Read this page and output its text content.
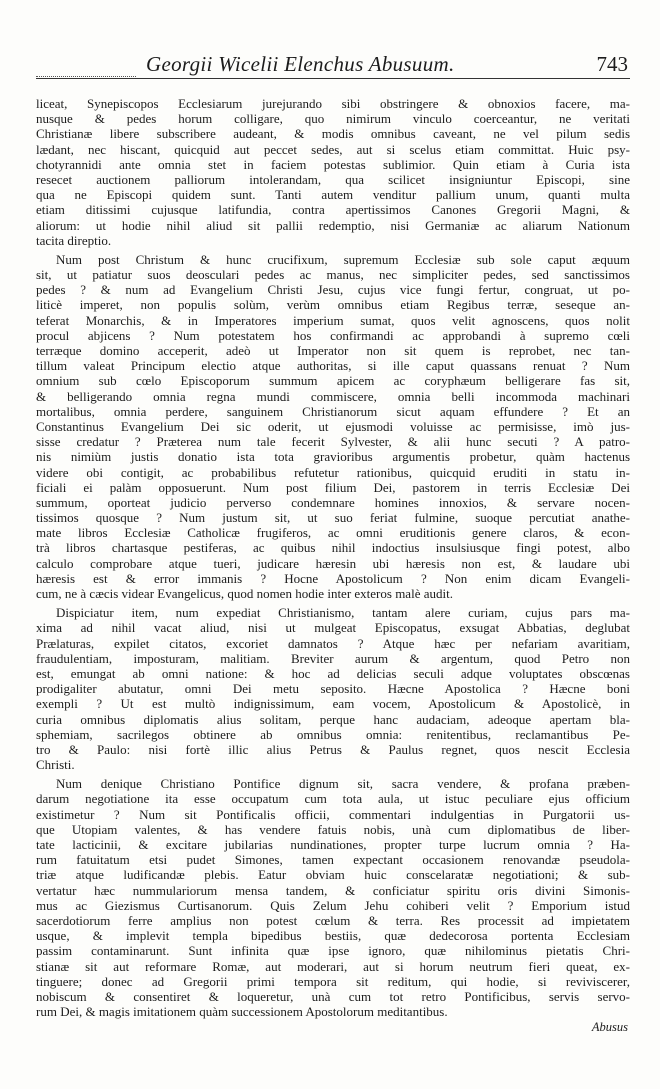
Georgii Wicelii Elenchus Abusuum.	743
liceat, Synepiscopos Ecclesiarum jurejurando sibi obstringere & obnoxios facere, ma-
nusque & pedes horum colligare, quo nimirum vinculo coerceantur, ne veritati
Christianæ libere subscribere audeant, & modis omnibus caveant, ne vel pilum sedis
lædant, nec hiscant, quicquid aut peccet sedes, aut si scelus etiam committat. Huic psy-
chotyrannidi ante omnia stet in faciem potestas sublimior. Quin etiam à Curia ista
resecet auctionem palliorum intolerandam, qua scilicet insigniuntur Episcopi, sine
qua ne Episcopi quidem sunt. Tanti autem venditur pallium unum, quanti multa
etiam ditissimi cujusque latifundia, contra apertissimos Canones Gregorii Magni, &
aliorum: ut hodie nihil aliud sit pallii redemptio, nisi Germaniæ ac aliarum Nationum
tacita direptio.
Num post Christum & hunc crucifixum, supremum Ecclesiæ sub sole caput æquum
sit, ut patiatur suos deosculari pedes ac manus, nec simpliciter pedes, sed sanctissimos
pedes ? & num ad Evangelium Christi Jesu, cujus vice fungi fertur, congruat, ut po-
liticè imperet, non populis solùm, verùm omnibus etiam Regibus terræ, seseque an-
teferat Monarchis, & in Imperatores imperium sumat, quos velit agnoscens, quos nolit
procul abjicens ? Num potestatem hos confirmandi ac approbandi à supremo cœli
terræque domino acceperit, adeò ut Imperator non sit quem is reprobet, nec tan-
tillum valeat Principum electio atque authoritas, si ille caput quassans renuat ? Num
omnium sub cœlo Episcoporum summum apicem ac coryphæum belligerare fas sit,
& belligerando omnia regna mundi commiscere, omnia belli incommoda machinari
mortalibus, omnia perdere, sanguinem Christianorum sicut aquam effundere ? Et an
Constantinus Evangelium Dei sic oderit, ut ejusmodi voluisse ac permisisse, imò jus-
sisse credatur ? Præterea num tale fecerit Sylvester, & alii hunc secuti ? A patro-
nis nimiùm justis donatio ista tota gravioribus argumentis probetur, quàm hactenus
videre obi contigit, ac probabilibus refutetur rationibus, quicquid eruditi in statu in-
ficiali ei palàm opposuerunt. Num post filium Dei, pastorem in terris Ecclesiæ Dei
summum, oporteat judicio perverso condemnare homines innoxios, & servare nocen-
tissimos quosque ? Num justum sit, ut suo feriat fulmine, suoque percutiat anathe-
mate libros Ecclesiæ Catholicæ frugiferos, ac omni eruditionis genere claros, & econ-
trà libros chartasque pestiferas, ac quibus nihil indoctius insulsiusque fingi potest, albo
calculo comprobare atque tueri, judicare hæresin ubi hæresis non est, & laudare ubi
hæresis est & error immanis ? Hocne Apostolicum ? Non enim dicam Evangeli-
cum, ne à cæcis videar Evangelicus, quod nomen hodie inter exteros malè audit.
Dispiciatur item, num expediat Christianismo, tantam alere curiam, cujus pars ma-
xima ad nihil vacat aliud, nisi ut mulgeat Episcopatus, exsugat Abbatias, deglubat
Prælaturas, expilet citatos, excoriet damnatos ? Atque hæc per nefariam avaritiam,
fraudulentiam, imposturam, malitiam. Breviter aurum & argentum, quod Petro non
est, emungat ab omni natione: & hoc ad delicias seculi adque voluptates obscœnas
prodigaliter abutatur, omni Dei metu seposito. Hæcne Apostolica ? Hæcne boni
exempli ? Ut est multò indignissimum, eam vocem, Apostolicum & Apostolicè, in
curia omnibus diplomatis alius solitam, perque hanc audaciam, adeoque apertam bla-
sphemiam, sacrilegos obtinere ab omnibus omnia: renitentibus, reclamantibus Pe-
tro & Paulo: nisi fortè illic alius Petrus & Paulus regnet, quos nescit Ecclesia
Christi.
Num denique Christiano Pontifice dignum sit, sacra vendere, & profana præben-
darum negotiatione ita esse occupatum cum tota aula, ut istuc peculiare ejus officium
existimetur ? Num sit Pontificalis officii, commentari indulgentias in Purgatorii us-
que Utopiam valentes, & has vendere fatuis nobis, unà cum diplomatibus de liber-
tate lacticinii, & excitare jubilarias nundinationes, propter turpe lucrum omnia ? Ha-
rum fatuitatum etsi pudet Simones, tamen expectant occasionem renovandæ pseudola-
triæ atque ludificandæ plebis. Eatur obviam huic conscelaratæ negotiationi; & sub-
vertatur hæc nummulariorum mensa tandem, & conficiatur spiritu oris divini Simonis-
mus ac Giezismus Curtisanorum. Quis Zelum Jehu cohiberi velit ? Emporium istud
sacerdotiorum ferre amplius non potest cœlum & terra. Res processit ad impietatem
usque, & implevit templa bipedibus bestiis, quæ dedecorosa portenta Ecclesiam
passim contaminarunt. Sunt infinita quæ ipse ignoro, quæ nihilominus pietatis Chri-
stianæ sit aut reformare Romæ, aut moderari, aut si horum neutrum fieri queat, ex-
tinguere; donec ad Gregorii primi tempora sit reditum, qui hodie, si reviviscerer,
nobiscum & consentiret & loqueretur, unà cum tot retro Pontificibus, servis servo-
rum Dei, & magis imitationem quàm successionem Apostolorum meditantibus.
Abusus
